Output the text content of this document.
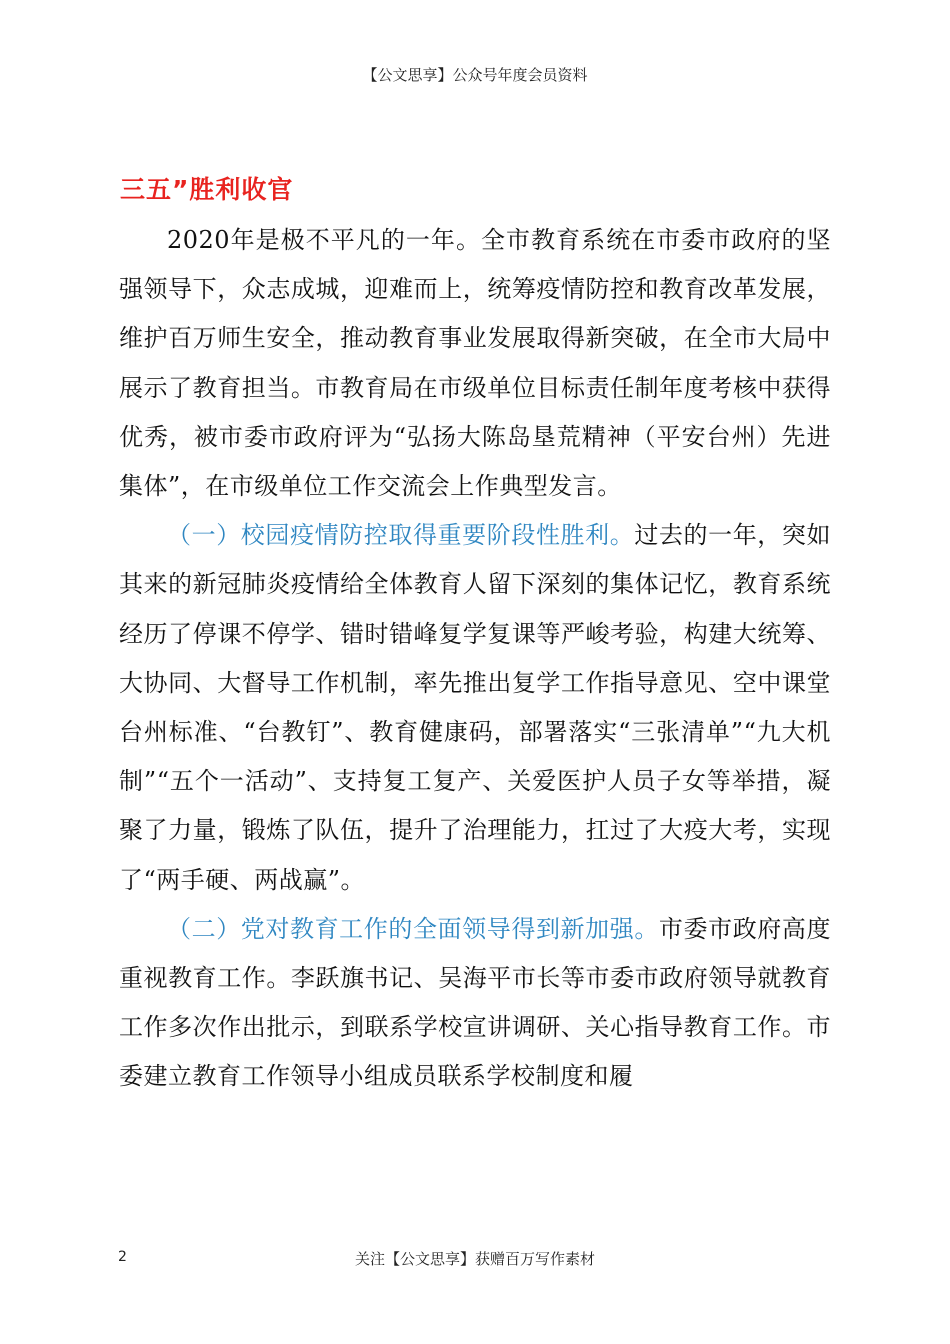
【公文思享】公众号年度会员资料
三五”胜利收官

2020年是极不平凡的一年。全市教育系统在市委市政府的坚强领导下，众志成城，迎难而上，统筹疫情防控和教育改革发展，维护百万师生安全，推动教育事业发展取得新突破，在全市大局中展示了教育担当。市教育局在市级单位目标责任制年度考核中获得优秀，被市委市政府评为“弘扬大陈岛垦荒精神（平安台州）先进集体”，在市级单位工作交流会上作典型发言。

（一）校园疫情防控取得重要阶段性胜利。过去的一年，突如其来的新冠肺炎疫情给全体教育人留下深刻的集体记忆，教育系统经历了停课不停学、错时错峰复学复课等严峻考验，构建大统筹、大协同、大督导工作机制，率先推出复学工作指导意见、空中课堂台州标准、“台教钉”、教育健康码，部署落实“三张清单”“九大机制”“五个一活动”、支持复工复产、关爱医护人员子女等举措，凝聚了力量，锻炼了队伍，提升了治理能力，扛过了大疫大考，实现了“两手硬、两战赢”。

（二）党对教育工作的全面领导得到新加强。市委市政府高度重视教育工作。李跃旗书记、吴海平市长等市委市政府领导就教育工作多次作出批示，到联系学校宣讲调研、关心指导教育工作。市委建立教育工作领导小组成员联系学校制度和履

2	关注【公文思享】获赠百万写作素材
